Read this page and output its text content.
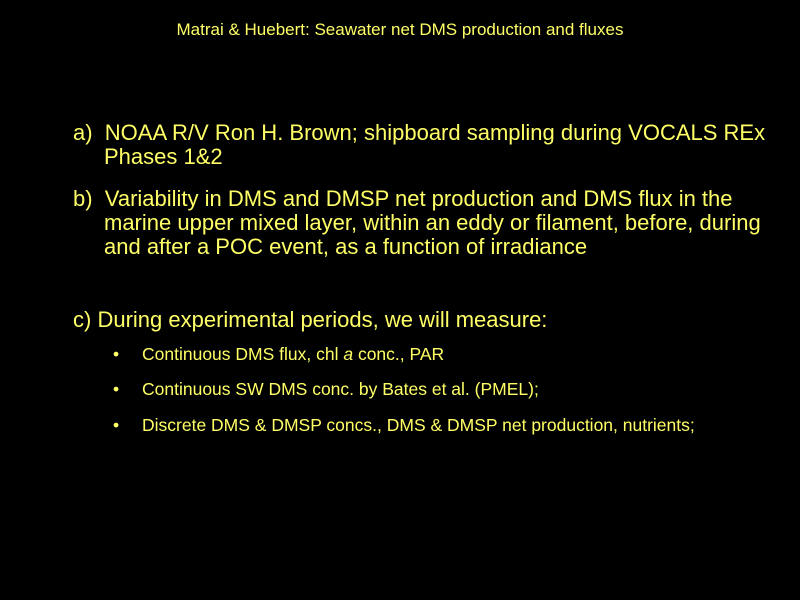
Matrai & Huebert: Seawater net DMS production and fluxes
a) NOAA R/V Ron H. Brown; shipboard sampling during VOCALS REx Phases 1&2
b) Variability in DMS and DMSP net production and DMS flux in the marine upper mixed layer, within an eddy or filament, before, during and after a POC event, as a function of irradiance
c) During experimental periods, we will measure:
•	Continuous DMS flux, chl a conc., PAR
•	Continuous SW DMS conc. by Bates et al. (PMEL);
•	Discrete DMS & DMSP concs., DMS & DMSP net production, nutrients;
